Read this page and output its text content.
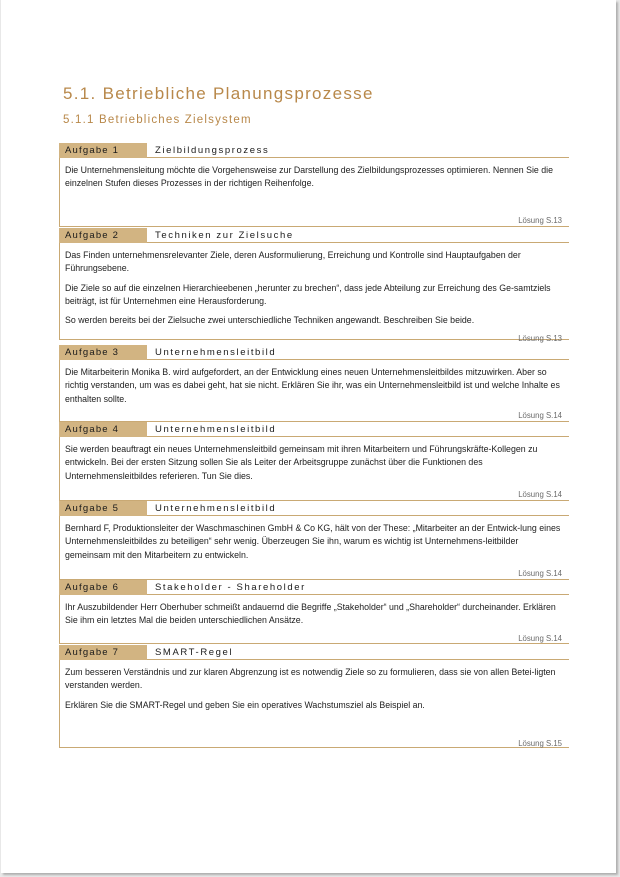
5.1. Betriebliche Planungsprozesse
5.1.1 Betriebliches Zielsystem
Aufgabe 1	Zielbildungsprozess

Die Unternehmensleitung möchte die Vorgehensweise zur Darstellung des Zielbildungsprozesses optimieren. Nennen Sie die einzelnen Stufen dieses Prozesses in der richtigen Reihenfolge.

Lösung S.13
Aufgabe 2	Techniken zur Zielsuche

Das Finden unternehmensrelevanter Ziele, deren Ausformulierung, Erreichung und Kontrolle sind Hauptaufgaben der Führungsebene.

Die Ziele so auf die einzelnen Hierarchieebenen „herunter zu brechen“, dass jede Abteilung zur Erreichung des Ge-samtziels beiträgt, ist für Unternehmen eine Herausforderung.

So werden bereits bei der Zielsuche zwei unterschiedliche Techniken angewandt. Beschreiben Sie beide.

Lösung S.13
Aufgabe 3	Unternehmensleitbild

Die Mitarbeiterin Monika B. wird aufgefordert, an der Entwicklung eines neuen Unternehmensleitbildes mitzuwirken. Aber so richtig verstanden, um was es dabei geht, hat sie nicht. Erklären Sie ihr, was ein Unternehmensleitbild ist und welche Inhalte es enthalten sollte.

Lösung S.14
Aufgabe 4	Unternehmensleitbild

Sie werden beauftragt ein neues Unternehmensleitbild gemeinsam mit ihren Mitarbeitern und Führungskräfte-Kollegen zu entwickeln. Bei der ersten Sitzung sollen Sie als Leiter der Arbeitsgruppe zunächst über die Funktionen des Unternehmensleitbildes referieren. Tun Sie dies.

Lösung S.14
Aufgabe 5	Unternehmensleitbild

Bernhard F, Produktionsleiter der Waschmaschinen GmbH & Co KG, hält von der These: „Mitarbeiter an der Entwick-lung eines Unternehmensleitbildes zu beteiligen“ sehr wenig. Überzeugen Sie ihn, warum es wichtig ist Unternehmens-leitbilder gemeinsam mit den Mitarbeitern zu entwickeln.

Lösung S.14
Aufgabe 6	Stakeholder - Shareholder

Ihr Auszubildender Herr Oberhuber schmeißt andauernd die Begriffe „Stakeholder“ und „Shareholder“ durcheinander. Erklären Sie ihm ein letztes Mal die beiden unterschiedlichen Ansätze.

Lösung S.14
Aufgabe 7	SMART-Regel

Zum besseren Verständnis und zur klaren Abgrenzung ist es notwendig Ziele so zu formulieren, dass sie von allen Betei-ligten verstanden werden.

Erklären Sie die SMART-Regel und geben Sie ein operatives Wachstumsziel als Beispiel an.

Lösung S.15
